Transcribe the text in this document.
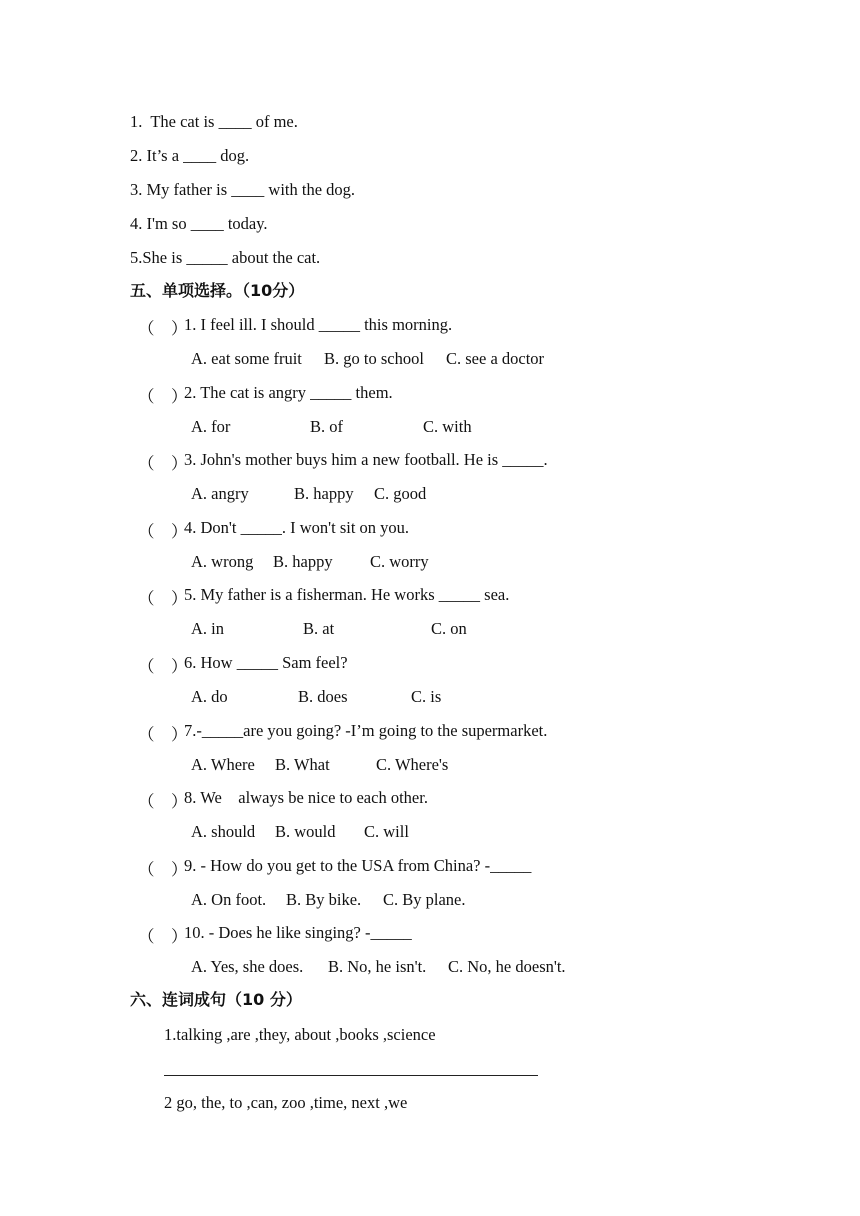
1.  The cat is ____ of me.
2. It’s a ____ dog.
3. My father is ____ with the dog.
4. I'm so ____ today.
5.She is _____ about the cat.
五、单项选择。（10分）
（　）
1. I feel ill. I should _____ this morning.
A. eat some fruit B. go to school C. see a doctor
（　）
2. The cat is angry _____ them.
A. for	B. of	C. with
（　）
3. John's mother buys him a new football. He is _____.
A. angry	B. happy C. good
（　）
4. Don't _____. I won't sit on you.
A. wrong B. happy C. worry
（　）
5. My father is a fisherman. He works _____ sea.
A. in	B. at	C. on
（　）
6. How _____ Sam feel?
A. do	B. does	C. is
（　）
7.-_____are you going? -I’m going to the supermarket.
A. Where B. What	C. Where's
（　）
8. We    always be nice to each other.
A. should B. would C. will
（　）
9. - How do you get to the USA from China? -_____
A. On foot. B. By bike. C. By plane.
（　）
10. - Does he like singing? -_____
A. Yes, she does. B. No, he isn't. C. No, he doesn't.
六、连词成句（10 分）
1.talking ,are ,they, about ,books ,science
2 go, the, to ,can, zoo ,time, next ,we
